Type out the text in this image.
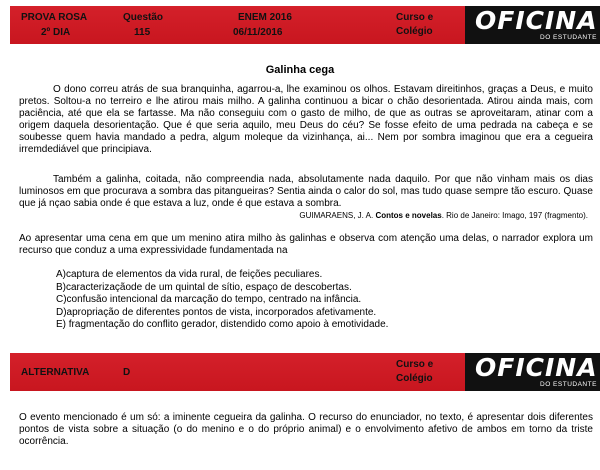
PROVA ROSA
2º DIA
Questão
115
ENEM 2016
06/11/2016
Curso e
Colégio OFICINA
DO ESTUDANTE
Galinha cega
O dono correu atrás de sua branquinha, agarrou-a, lhe examinou os olhos. Estavam direitinhos, graças a Deus, e muito pretos. Soltou-a no terreiro e lhe atirou mais milho. A galinha continuou a bicar o chão desorientada. Atirou ainda mais, com paciência, até que ela se fartasse. Ma não conseguiu com o gasto de milho, de que as outras se aproveitaram, atinar com a origem daquela desorientação. Que é que seria aquilo, meu Deus do céu? Se fosse efeito de uma pedrada na cabeça e se soubesse quem havia mandado a pedra, algum moleque da vizinhança, ai... Nem por sombra imaginou que era a cegueira irremdediável que principiava.
Também a galinha, coitada, não compreendia nada, absolutamente nada daquilo. Por que não vinham mais os dias luminosos em que procurava a sombra das pitangueiras? Sentia ainda o calor do sol, mas tudo quase sempre tão escuro. Quase que já nçao sabia onde é que estava a luz, onde é que estava a sombra.
GUIMARAENS, J. A. Contos e novelas. Rio de Janeiro: Imago, 197 (fragmento).
Ao apresentar uma cena em que um menino atira milho às galinhas e observa com atenção uma delas, o narrador explora um recurso que conduz a uma expressividade fundamentada na
A)captura de elementos da vida rural, de feições peculiares.
B)caracterizaçãode de um quintal de sítio, espaço de descobertas.
C)confusão intencional da marcação do tempo, centrado na infância.
D)apropriação de diferentes pontos de vista, incorporados afetivamente.
E) fragmentação do conflito gerador, distendido como apoio à emotividade.
ALTERNATIVA	D
Curso e
Colégio OFICINA
DO ESTUDANTE
O evento mencionado é um só: a iminente cegueira da galinha. O recurso do enunciador, no texto, é apresentar dois diferentes pontos de vista sobre a situação (o do menino e o do próprio animal) e o envolvimento afetivo de ambos em torno da triste ocorrência.
